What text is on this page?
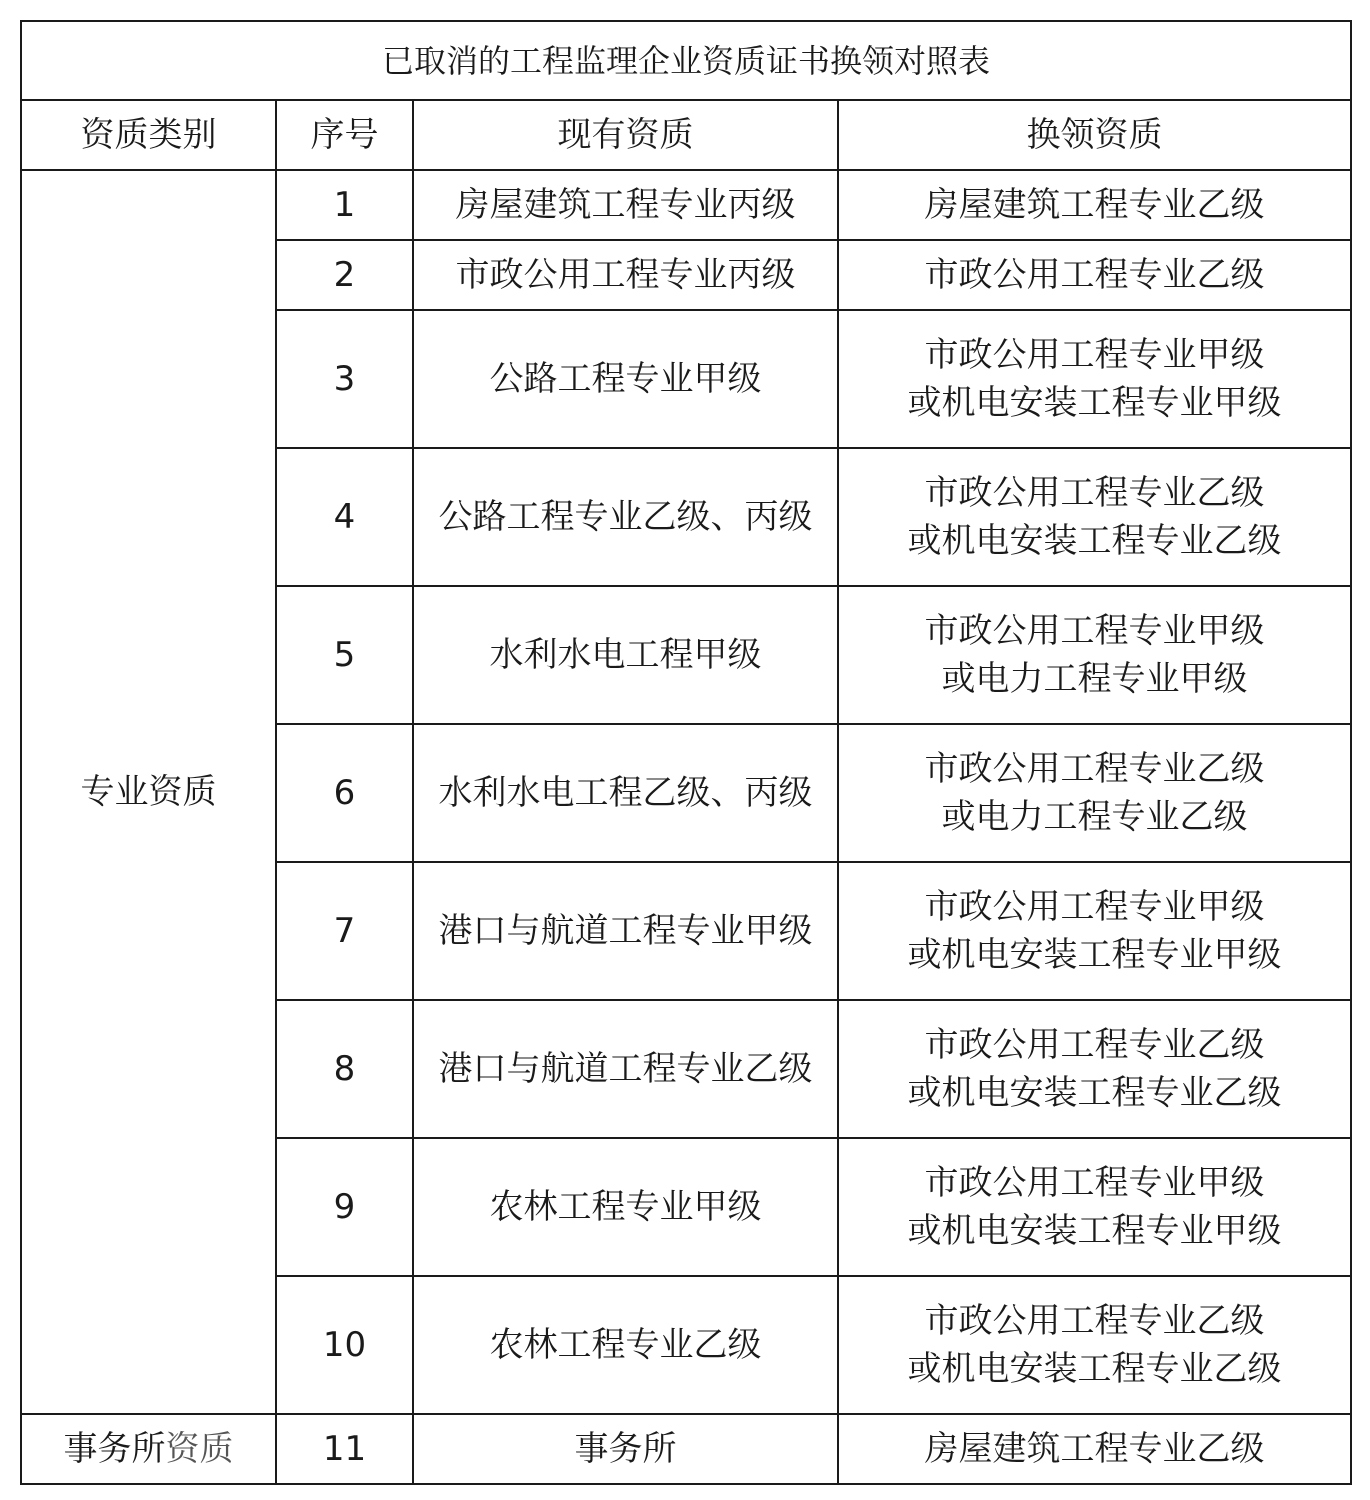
已取消的工程监理企业资质证书换领对照表			
资质类别	序号	现有资质	换领资质
专业资质	1	房屋建筑工程专业丙级	房屋建筑工程专业乙级

	2	市政公用工程专业丙级	市政公用工程专业乙级

	3	公路工程专业甲级	市政公用工程专业甲级
或机电安装工程专业甲级

	4	公路工程专业乙级、丙级	市政公用工程专业乙级
或机电安装工程专业乙级

	5	水利水电工程甲级	市政公用工程专业甲级
或电力工程专业甲级

	6	水利水电工程乙级、丙级	市政公用工程专业乙级
或电力工程专业乙级

	7	港口与航道工程专业甲级	市政公用工程专业甲级
或机电安装工程专业甲级

	8	港口与航道工程专业乙级	市政公用工程专业乙级
或机电安装工程专业乙级

	9	农林工程专业甲级	市政公用工程专业甲级
或机电安装工程专业甲级

	10	农林工程专业乙级	市政公用工程专业乙级
或机电安装工程专业乙级

事务所资质	11	事务所	房屋建筑工程专业乙级
